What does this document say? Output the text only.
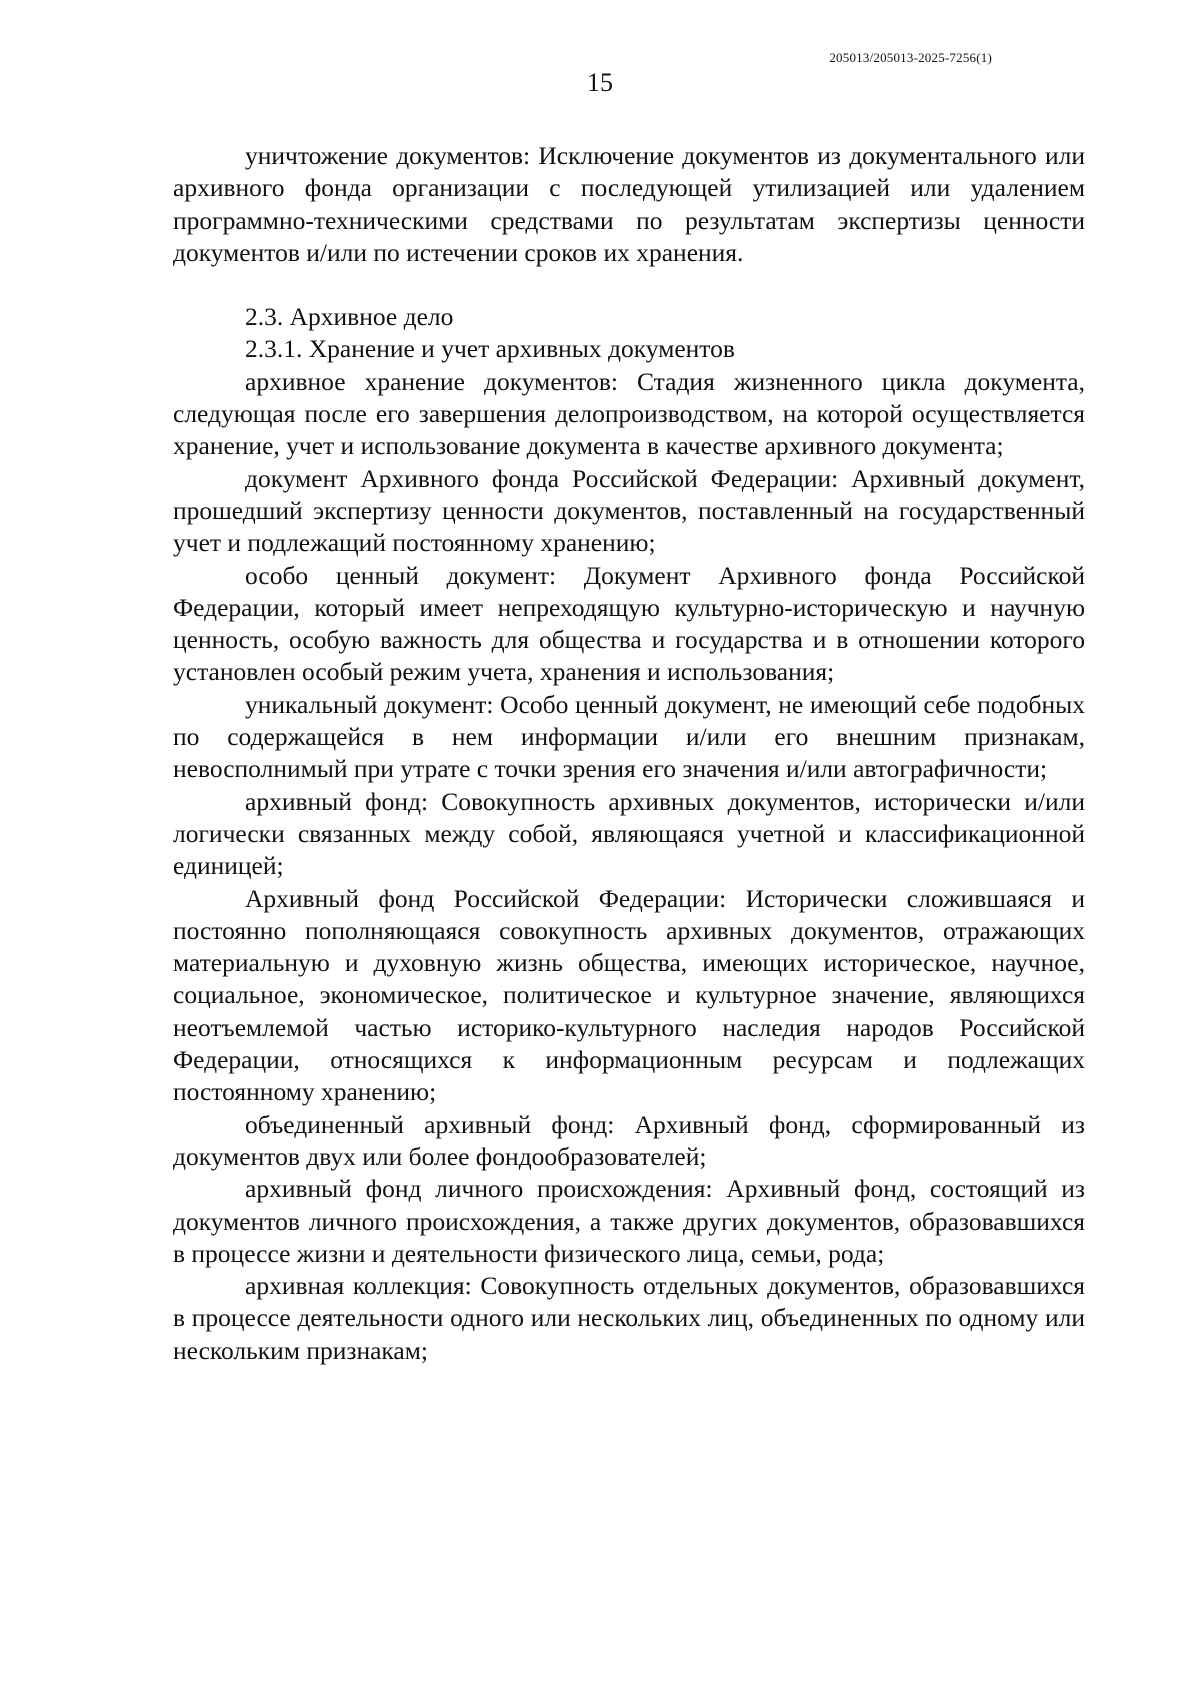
205013/205013-2025-7256(1)
15

уничтожение документов: Исключение документов из документального или архивного фонда организации с последующей утилизацией или удалением программно-техническими средствами по результатам экспертизы ценности документов и/или по истечении сроков их хранения.

2.3. Архивное дело

2.3.1. Хранение и учет архивных документов

архивное хранение документов: Стадия жизненного цикла документа, следующая после его завершения делопроизводством, на которой осуществляется хранение, учет и использование документа в качестве архивного документа;

документ Архивного фонда Российской Федерации: Архивный документ, прошедший экспертизу ценности документов, поставленный на государственный учет и подлежащий постоянному хранению;

особо ценный документ: Документ Архивного фонда Российской Федерации, который имеет непреходящую культурно-историческую и научную ценность, особую важность для общества и государства и в отношении которого установлен особый режим учета, хранения и использования;

уникальный документ: Особо ценный документ, не имеющий себе подобных по содержащейся в нем информации и/или его внешним признакам, невосполнимый при утрате с точки зрения его значения и/или автографичности;

архивный фонд: Совокупность архивных документов, исторически и/или логически связанных между собой, являющаяся учетной и классификационной единицей;

Архивный фонд Российской Федерации: Исторически сложившаяся и постоянно пополняющаяся совокупность архивных документов, отражающих материальную и духовную жизнь общества, имеющих историческое, научное, социальное, экономическое, политическое и культурное значение, являющихся неотъемлемой частью историко-культурного наследия народов Российской Федерации, относящихся к информационным ресурсам и подлежащих постоянному хранению;

объединенный архивный фонд: Архивный фонд, сформированный из документов двух или более фондообразователей;

архивный фонд личного происхождения: Архивный фонд, состоящий из документов личного происхождения, а также других документов, образовавшихся в процессе жизни и деятельности физического лица, семьи, рода;

архивная коллекция: Совокупность отдельных документов, образовавшихся в процессе деятельности одного или нескольких лиц, объединенных по одному или нескольким признакам;
